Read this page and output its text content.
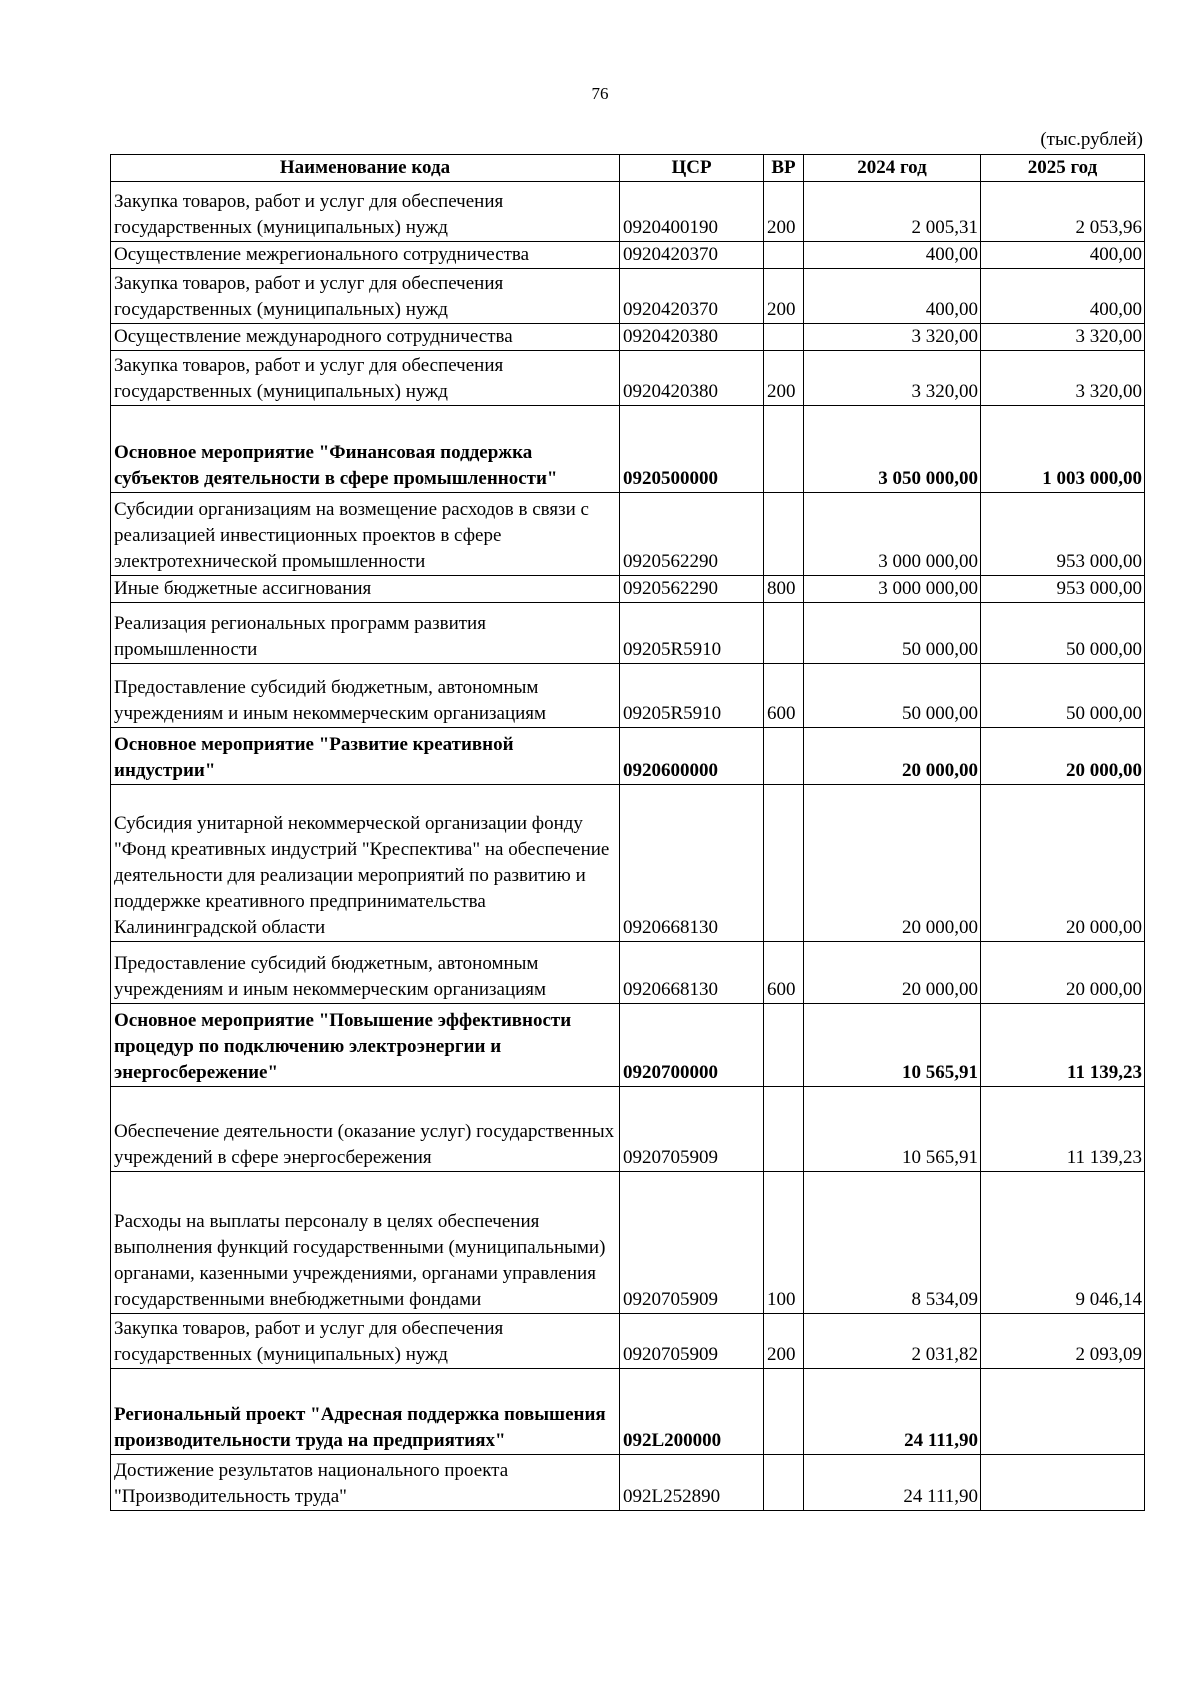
76
(тыс.рублей)
Наименование кода	ЦСР	ВР	2024 год	2025 год
Закупка товаров, работ и услуг для обеспечения государственных (муниципальных) нужд	0920400190	200	2 005,31	2 053,96
Осуществление межрегионального сотрудничества	0920420370		400,00	400,00
Закупка товаров, работ и услуг для обеспечения государственных (муниципальных) нужд	0920420370	200	400,00	400,00
Осуществление международного сотрудничества	0920420380		3 320,00	3 320,00
Закупка товаров, работ и услуг для обеспечения государственных (муниципальных) нужд	0920420380	200	3 320,00	3 320,00
Основное мероприятие "Финансовая поддержка субъектов деятельности в сфере промышленности"	0920500000		3 050 000,00	1 003 000,00
Субсидии организациям на возмещение расходов в связи с реализацией инвестиционных проектов в сфере электротехнической промышленности	0920562290		3 000 000,00	953 000,00
Иные бюджетные ассигнования	0920562290	800	3 000 000,00	953 000,00
Реализация региональных программ развития промышленности	09205R5910		50 000,00	50 000,00
Предоставление субсидий бюджетным, автономным учреждениям и иным некоммерческим организациям	09205R5910	600	50 000,00	50 000,00
Основное мероприятие "Развитие креативной индустрии"	0920600000		20 000,00	20 000,00
Субсидия унитарной некоммерческой организации фонду "Фонд креативных индустрий "Креспектива" на обеспечение деятельности для реализации мероприятий по развитию и поддержке креативного предпринимательства Калининградской области	0920668130		20 000,00	20 000,00
Предоставление субсидий бюджетным, автономным учреждениям и иным некоммерческим организациям	0920668130	600	20 000,00	20 000,00
Основное мероприятие "Повышение эффективности процедур по подключению электроэнергии и энергосбережение"	0920700000		10 565,91	11 139,23
Обеспечение деятельности (оказание услуг) государственных учреждений в сфере энергосбережения	0920705909		10 565,91	11 139,23
Расходы на выплаты персоналу в целях обеспечения выполнения функций государственными (муниципальными) органами, казенными учреждениями, органами управления государственными внебюджетными фондами	0920705909	100	8 534,09	9 046,14
Закупка товаров, работ и услуг для обеспечения государственных (муниципальных) нужд	0920705909	200	2 031,82	2 093,09
Региональный проект "Адресная поддержка повышения производительности труда на предприятиях"	092L200000		24 111,90	
Достижение результатов национального проекта "Производительность труда"	092L252890		24 111,90	
